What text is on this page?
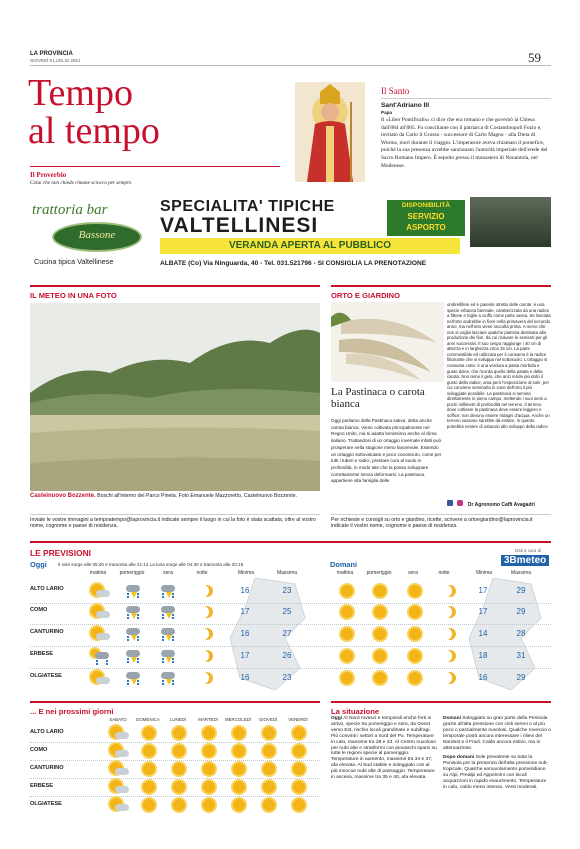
LA PROVINCIA
GIOVEDÌ 8 LUGLIO 2021	59
Tempo
al tempo
Il Proverbio
Colui che non chiede rimane sciocco per sempre.

Il Santo
Sant'Adriano III
Papa
Il «Liber Pontificalis» ci dice che era romano e che governò la Chiesa dall'884 all'885. Fu conciliante con il patriarca di Costantinopoli Fozio e, invitato da Carlo il Grosso - successore di Carlo Magno - alla Dieta di Worms, morì durante il viaggio. L'imperatore aveva chiamato il pontefice, poiché la sua presenza avrebbe sanzionato l'autorità imperiale dell'erede del Sacro Romano Impero. È sepolto presso il monastero di Nonantola, nel Modenese.
trattoria bar
Bassone
Cucina tipica Valtellinese
SPECIALITA' TIPICHE
VALTELLINESI
DISPONIBILITÀ
SERVIZIO
ASPORTO
VERANDA APERTA AL PUBBLICO
ALBATE (Co) Via Ninguarda, 40 - Tel. 031.521796 - SI CONSIGLIA LA PRENOTAZIONE
IL METEO IN UNA FOTO
Casteinuovo Bozzente. Boschi all'interno del Parco Pineta. Foto Emanuele Mazzoretto, Castelnuovo Bozzente.
Inviate le vostre immagini a tempoatempo@laprovincia.it indicate sempre il luogo in cui la foto è stata scattata, oltre al vostro nome, cognome e paese di residenza.
ORTO E GIARDINO
La Pastinaca o carota bianca
Oggi parliamo della Pastinaca sativa, detta anche carota bianca. Viene coltivata principalmente nel Regno Unito, ma si adatta benissimo anche al clima italiano. Trattandosi di un ortaggio invernale infatti può prosperare nella stagione meno favorevole. Essendo un ortaggio sottovalutato e poco conosciuto, come per tutti i tuberi e radici, prestare cura al suolo in profondità, in modo tale che la possa sviluppare correttamente senza deformarsi. La pastinaca appartiene alla famiglia delle
ombrellifere ed è parente stretta delle carote: è una specie erbacea biennale, caratterizzata da una radice a fittone e foglie a ciuffo come parte aerea. Se lasciata nell'orto andrebbe in fiore nella primavera del secondo anno, ma nell'orto viene raccolta prima. A meno che non si voglia lasciare qualche piantina destinata alla produzione dei fiori, da cui ricavare le sementi per gli anni successivi. Il suo cespo raggiunge i 40 cm di altezza e in larghezza circa 15 cm. La parte commestibile ed utilizzata per il consumo è la radice fittonante che si sviluppa nel sottosuolo. L'ortaggio si consuma cotto: è una verdura a pasta morbida e gusto dolce, che ricorda quello della patata e della carota. Non teme il gelo, che anzi rende più dolci il gusto della radice; ama però l'esposizione al sole, per cui conviene seminarla in zone dell'orto il più soleggiate possibile. La pastinaca si semina direttamente in pieno campo, mettendo i suoi semi a pochi millimetri di profondità nel terreno. Il terreno dove coltivare la pastinaca deve essere leggero e soffice; non devono essere ristagni d'acqua. Anche un terreno sassoso sarebbe da evitare, in quanto potrebbe essere di ostacolo allo sviluppo della radice.
Dr Agronomo Caffi Avagadri
Per richieste e consigli su orto e giardino, ricette, scrivere a ortoegiardino@laprovincia.it indicate il vostro nome, cognome e paese di residenza.
LE PREVISIONI	Dati a cura di
3Bmeteo
Oggi Il sole sorge alle 05:40 e tramonta alle 21:12 La luna sorge alle 04:30 e tramonta alle 20:18	Domani
mattina	pomeriggio	sera	notte	Minima	Massima	mattina	pomeriggio	sera	notte	Minima	Massima
ALTO LARIO	16	23	17	29
COMO	17	25	17	29
CANTURINO	16	27	14	28
ERBESE	17	26	18	31
OLGIATESE	16	23	16	29
... E nei prossimi giorni
SABATO	DOMENICA	LUNEDÌ	MARTEDÌ	MERCOLEDÌ	GIOVEDÌ	VENERDÌ
ALTO LARIO
COMO
CANTURINO
ERBESE
OLGIATESE
La situazione
Oggi Al Nord rovesci e temporali anche forti in arrivo, specie tra pomeriggio e sera, da Ovest verso Est, rischio locali grandinate e nubifragi. Più convinti i settori a nord del Po. Temperature in calo, massime tra 28 e 33. Al Centro nuvoloso per nubi alte e stratiformi con piovaschi sparsi su tutte le regioni specie al pomeriggio. Temperature in aumento, massime tra 34 e 37, afa elevata. Al Sud stabile e soleggiato con al più innocue nubi alte di passaggio. Temperature in ascesa, massime tra 35 e 40, afa elevata.
Domani Soleggiato su gran parte della Penisola grazie all'alta pressione con cieli sereni o al più poco o parzialmente nuvolosi. Qualche rovescio o temporale potrà ancora interessare i rilievi del Nordest e il Friuli. Caldo ancora estivo, ma in attenuazione.
Dopo domani Sole prevalente su tutta la Penisola per la presenza dell'alta pressione sub-tropicale. Qualche annuvolamento pomeridiano su Alpi, Prealpi ed Appennini con locali acquazzoni in rapido esaurimento. Temperature in calo, caldo meno intenso. Venti moderati.
